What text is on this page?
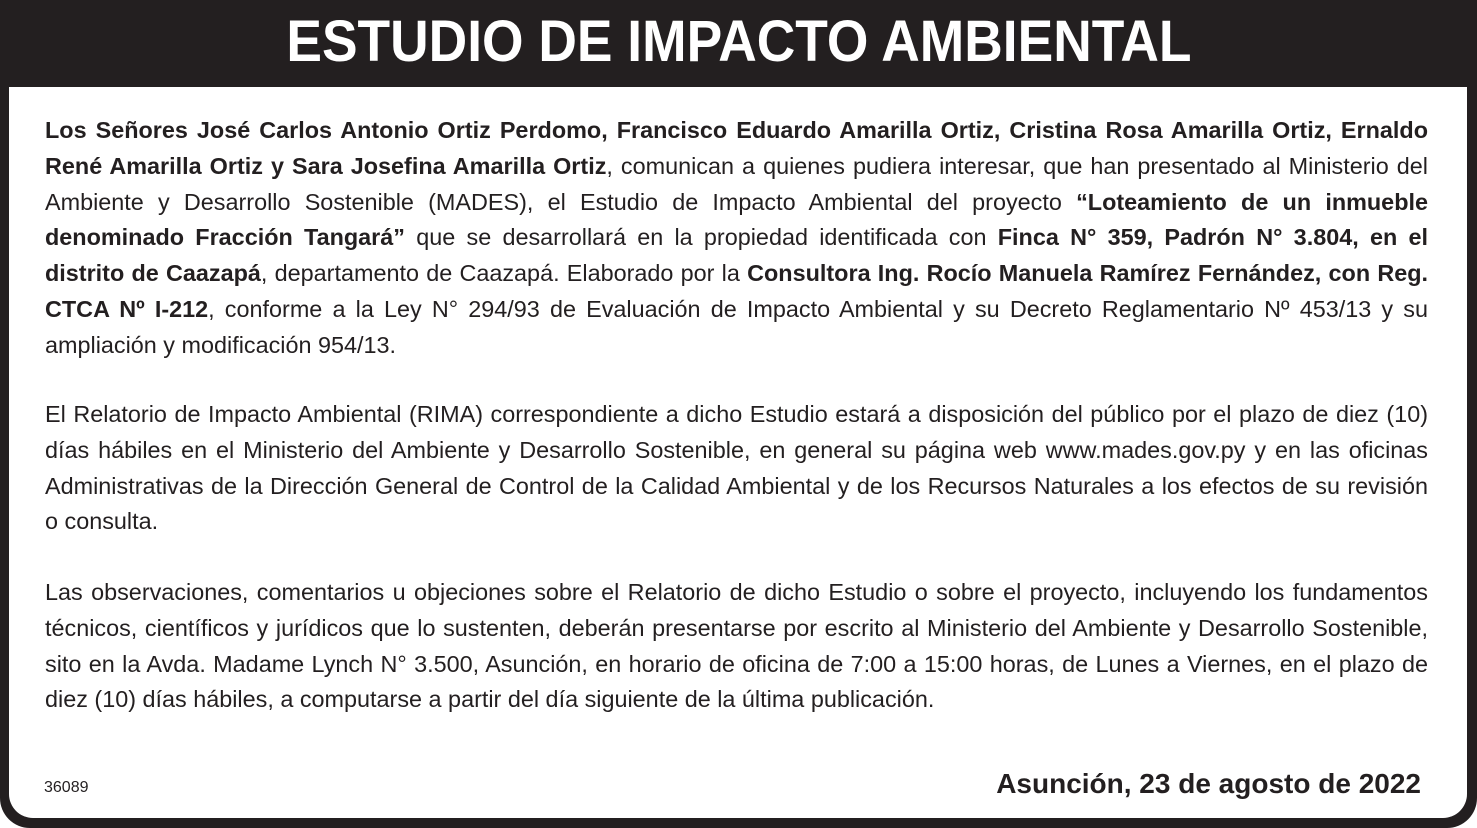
ESTUDIO DE IMPACTO AMBIENTAL

Los Señores José Carlos Antonio Ortiz Perdomo, Francisco Eduardo Amarilla Ortiz, Cristina Rosa Amarilla Ortiz, Ernaldo René Amarilla Ortiz y Sara Josefina Amarilla Ortiz, comunican a quienes pudiera interesar, que han presentado al Ministerio del Ambiente y Desarrollo Sostenible (MADES), el Estudio de Impacto Ambiental del proyecto “Loteamiento de un inmueble denominado Fracción Tangará” que se desarrollará en la propiedad identificada con Finca N° 359, Padrón N° 3.804, en el distrito de Caazapá, departamento de Caazapá. Elaborado por la Consultora Ing. Rocío Manuela Ramírez Fernández, con Reg. CTCA Nº I-212, conforme a la Ley N° 294/93 de Evaluación de Impacto Ambiental y su Decreto Reglamentario Nº 453/13 y su ampliación y modificación 954/13.

El Relatorio de Impacto Ambiental (RIMA) correspondiente a dicho Estudio estará a disposición del público por el plazo de diez (10) días hábiles en el Ministerio del Ambiente y Desarrollo Sostenible, en general su página web www.mades.gov.py y en las oficinas Administrativas de la Dirección General de Control de la Calidad Ambiental y de los Recursos Naturales a los efectos de su revisión o consulta.

Las observaciones, comentarios u objeciones sobre el Relatorio de dicho Estudio o sobre el proyecto, incluyendo los fundamentos técnicos, científicos y jurídicos que lo sustenten, deberán presentarse por escrito al Ministerio del Ambiente y Desarrollo Sostenible, sito en la Avda. Madame Lynch N° 3.500, Asunción, en horario de oficina de 7:00 a 15:00 horas, de Lunes a Viernes, en el plazo de diez (10) días hábiles, a computarse a partir del día siguiente de la última publicación.

36089	Asunción, 23 de agosto de 2022
